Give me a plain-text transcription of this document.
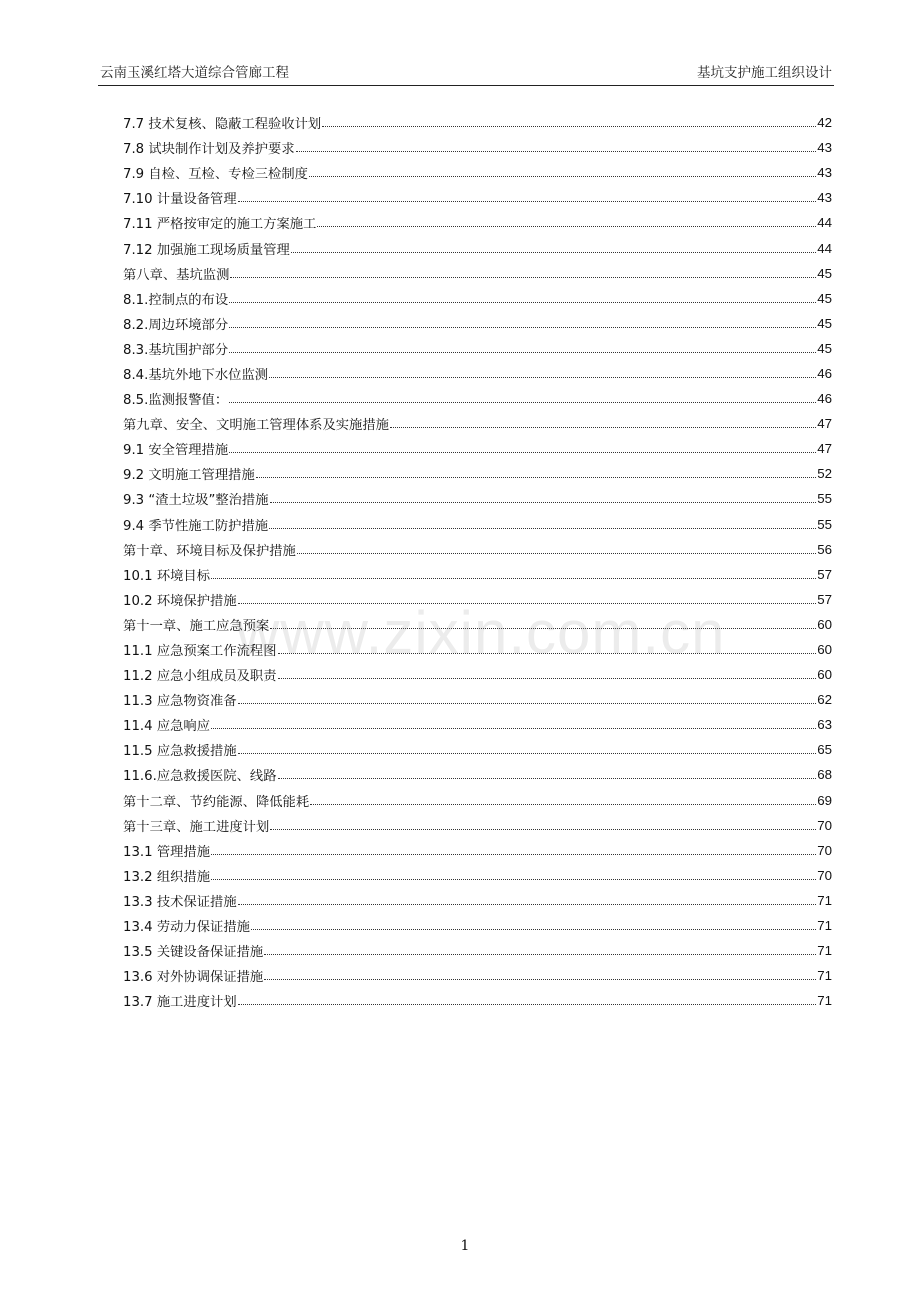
云南玉溪红塔大道综合管廊工程	基坑支护施工组织设计
7.7 技术复核、隐蔽工程验收计划	42
7.8 试块制作计划及养护要求	43
7.9 自检、互检、专检三检制度	43
7.10 计量设备管理	43
7.11 严格按审定的施工方案施工	44
7.12 加强施工现场质量管理	44
第八章、基坑监测	45
8.1.控制点的布设	45
8.2.周边环境部分	45
8.3.基坑围护部分	45
8.4.基坑外地下水位监测	46
8.5.监测报警值：	46
第九章、安全、文明施工管理体系及实施措施	47
9.1 安全管理措施	47
9.2 文明施工管理措施	52
9.3 “渣土垃圾”整治措施	55
9.4 季节性施工防护措施	55
第十章、环境目标及保护措施	56
10.1 环境目标	57
10.2 环境保护措施	57
第十一章、施工应急预案	60
11.1 应急预案工作流程图	60
11.2 应急小组成员及职责	60
11.3 应急物资准备	62
11.4 应急响应	63
11.5 应急救援措施	65
11.6.应急救援医院、线路	68
第十二章、节约能源、降低能耗	69
第十三章、施工进度计划	70
13.1 管理措施	70
13.2 组织措施	70
13.3 技术保证措施	71
13.4 劳动力保证措施	71
13.5 关键设备保证措施	71
13.6 对外协调保证措施	71
13.7 施工进度计划	71
www.zixin.com.cn
1
